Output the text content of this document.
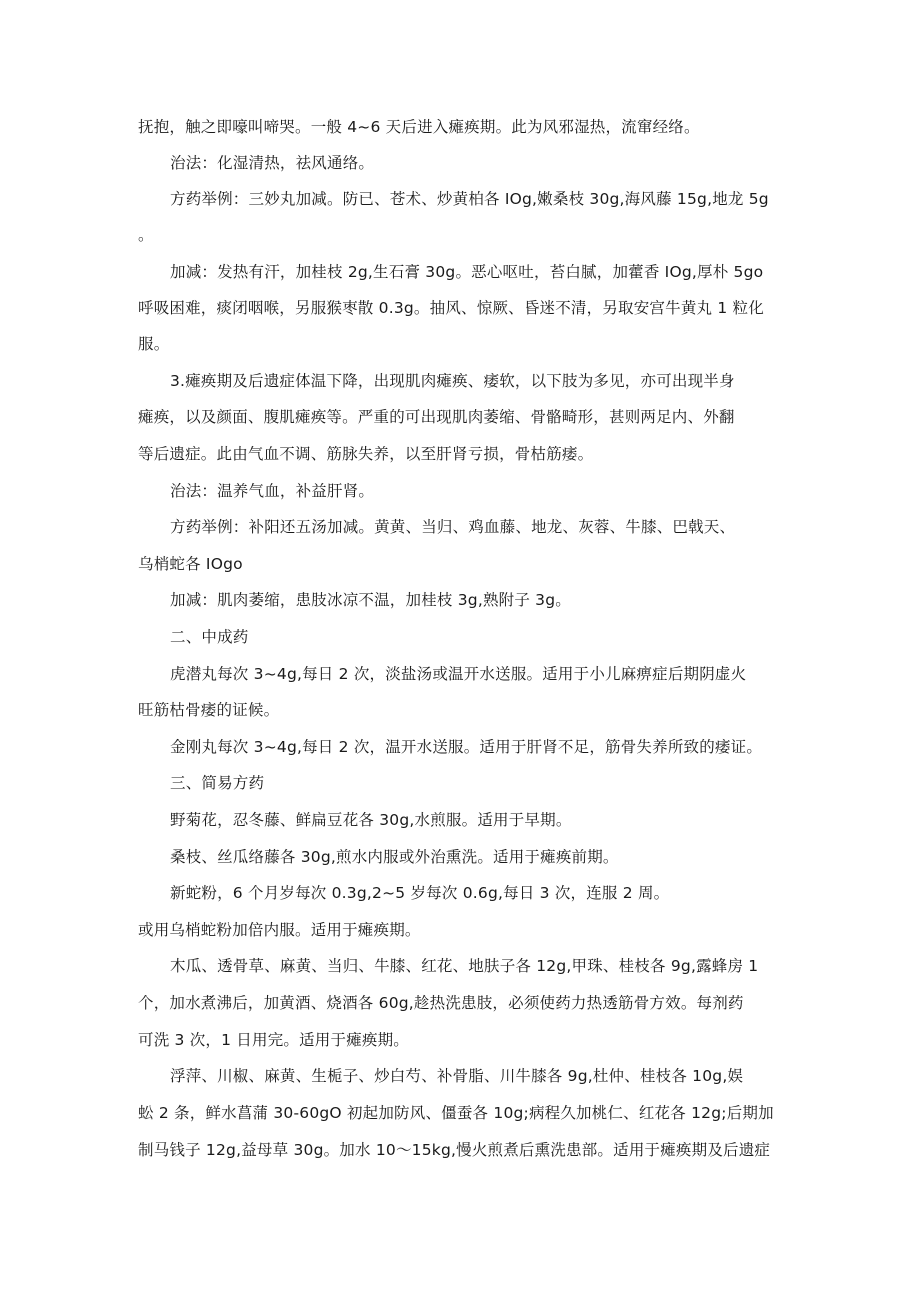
抚抱，触之即嚎叫啼哭。一般 4~6 天后进入瘫痪期。此为风邪湿热，流窜经络。
治法：化湿清热，祛风通络。
方药举例：三妙丸加减。防已、苍术、炒黄柏各 IOg,嫩桑枝 30g,海风藤 15g,地龙 5g
。
加减：发热有汗，加桂枝 2g,生石膏 30g。恶心呕吐，苔白腻，加藿香 IOg,厚朴 5go
呼吸困难，痰闭咽喉，另服猴枣散 0.3g。抽风、惊厥、昏迷不清，另取安宫牛黄丸 1 粒化
服。
3.瘫痪期及后遗症体温下降，出现肌肉瘫痪、痿软，以下肢为多见，亦可出现半身
瘫痪，以及颜面、腹肌瘫痪等。严重的可出现肌肉萎缩、骨骼畸形，甚则两足内、外翻
等后遗症。此由气血不调、筋脉失养，以至肝肾亏损，骨枯筋痿。
治法：温养气血，补益肝肾。
方药举例：补阳还五汤加减。黄黄、当归、鸡血藤、地龙、灰蓉、牛膝、巴戟天、
乌梢蛇各 IOgo
加减：肌肉萎缩，患肢冰凉不温，加桂枝 3g,熟附子 3g。
二、中成药
虎潜丸每次 3~4g,每日 2 次，淡盐汤或温开水送服。适用于小儿麻痹症后期阴虚火
旺筋枯骨痿的证候。
金刚丸每次 3~4g,每日 2 次，温开水送服。适用于肝肾不足，筋骨失养所致的痿证。
三、简易方药
野菊花，忍冬藤、鲜扁豆花各 30g,水煎服。适用于早期。
桑枝、丝瓜络藤各 30g,煎水内服或外治熏洗。适用于瘫痪前期。
新蛇粉，6 个月岁每次 0.3g,2~5 岁每次 0.6g,每日 3 次，连服 2 周。
或用乌梢蛇粉加倍内服。适用于瘫痪期。
木瓜、透骨草、麻黄、当归、牛膝、红花、地肤子各 12g,甲珠、桂枝各 9g,露蜂房 1
个，加水煮沸后，加黄酒、烧酒各 60g,趁热洗患肢，必须使药力热透筋骨方效。每剂药
可洗 3 次，1 日用完。适用于瘫痪期。
浮萍、川椒、麻黄、生栀子、炒白芍、补骨脂、川牛膝各 9g,杜仲、桂枝各 10g,娱
蚣 2 条，鲜水菖蒲 30-60gO 初起加防风、僵蚕各 10g;病程久加桃仁、红花各 12g;后期加
制马钱子 12g,益母草 30g。加水 10～15kg,慢火煎煮后熏洗患部。适用于瘫痪期及后遗症
